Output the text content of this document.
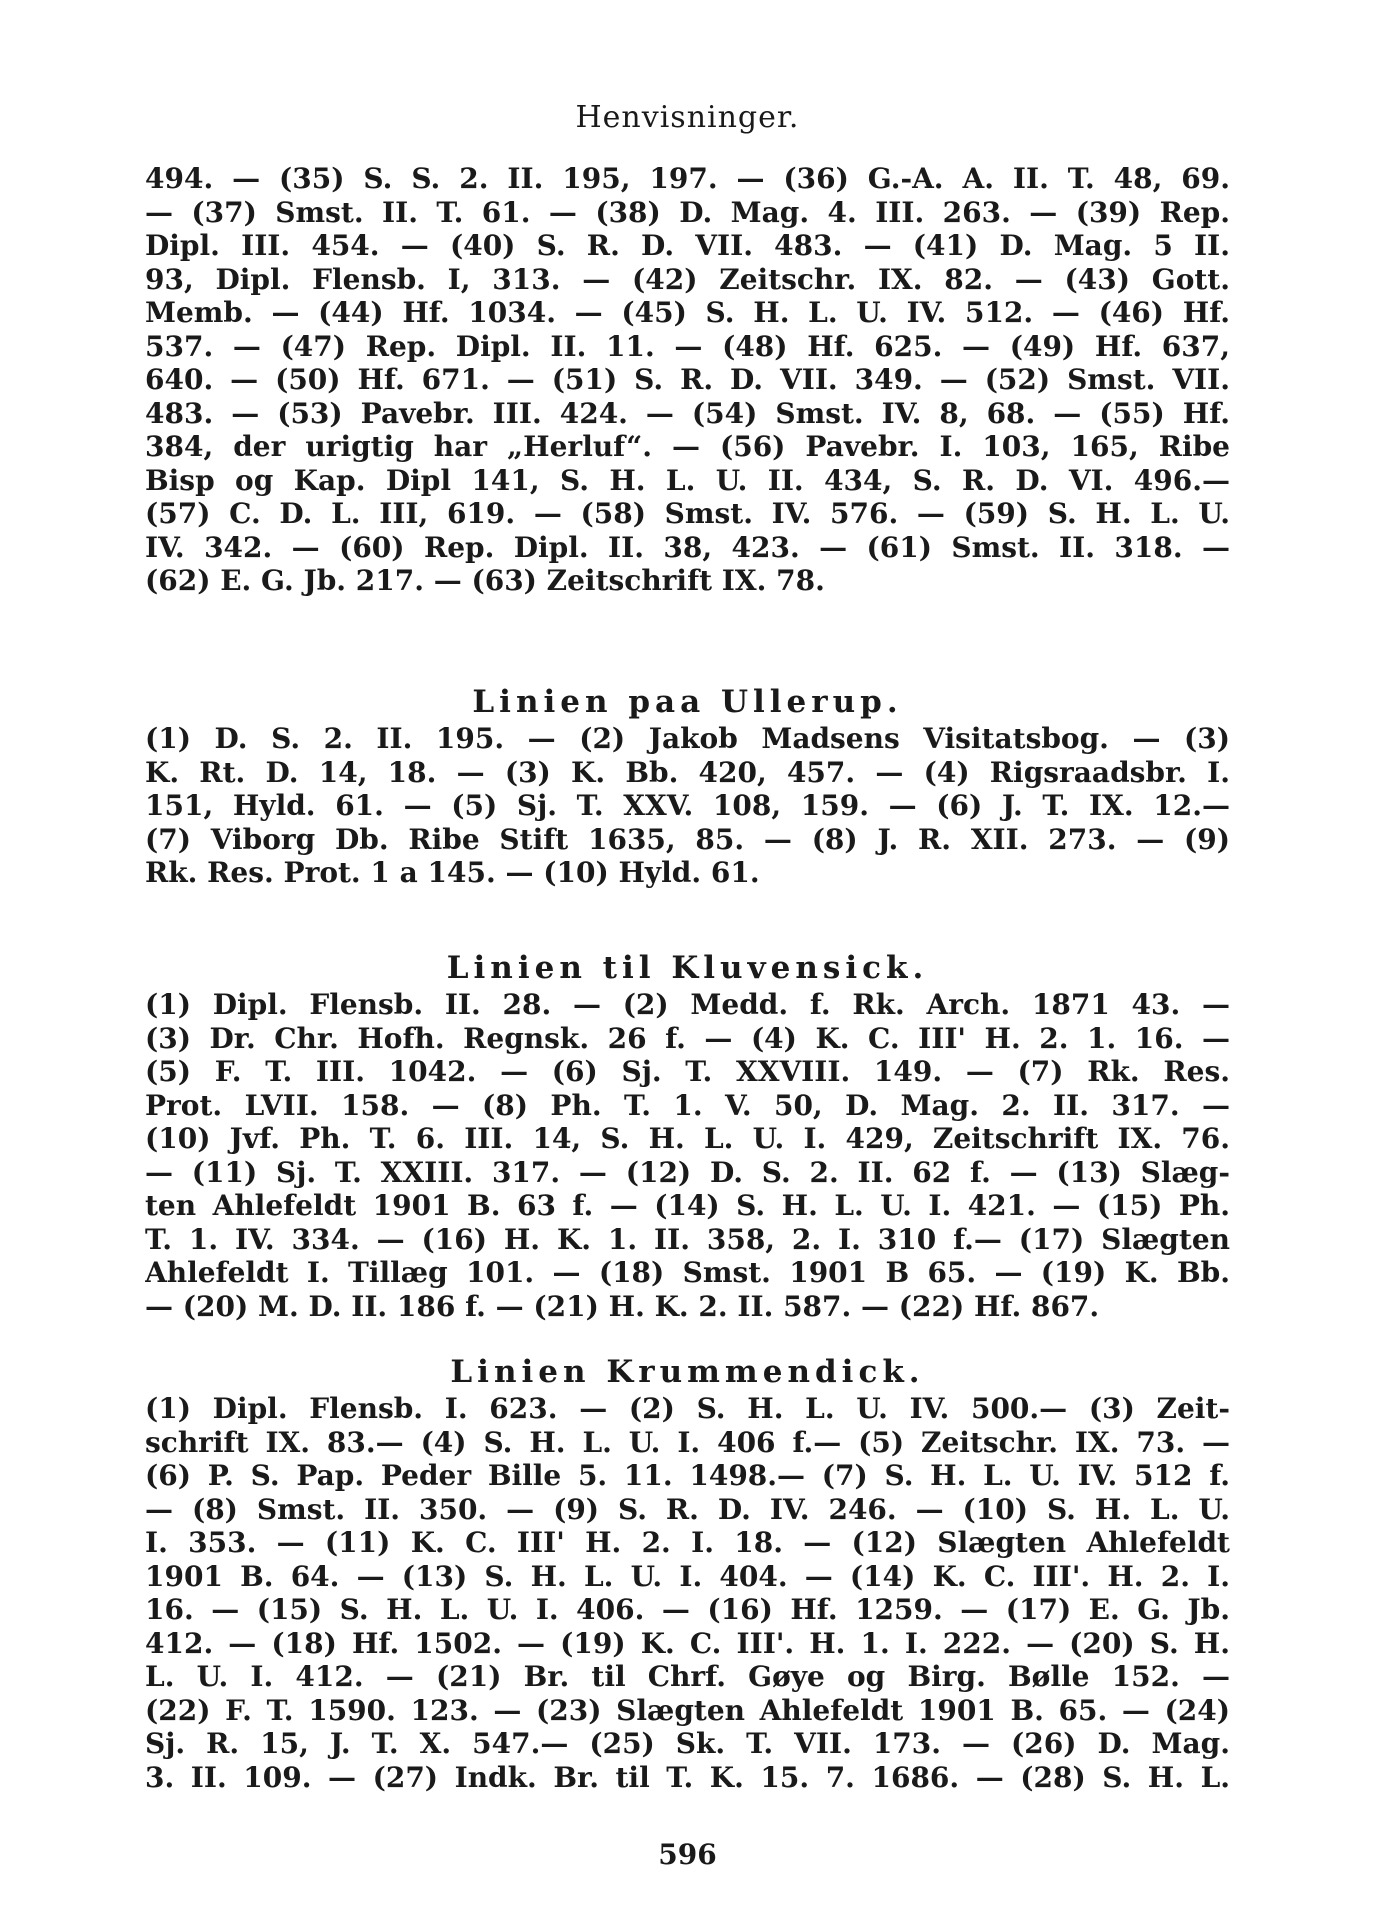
Henvisninger.
494. — (35) S. S. 2. II. 195, 197. — (36) G.-A. A. II. T. 48, 69.
— (37) Smst. II. T. 61. — (38) D. Mag. 4. III. 263. — (39) Rep.
Dipl. III. 454. — (40) S. R. D. VII. 483. — (41) D. Mag. 5 II.
93, Dipl. Flensb. I, 313. — (42) Zeitschr. IX. 82. — (43) Gott.
Memb. — (44) Hf. 1034. — (45) S. H. L. U. IV. 512. — (46) Hf.
537. — (47) Rep. Dipl. II. 11. — (48) Hf. 625. — (49) Hf. 637,
640. — (50) Hf. 671. — (51) S. R. D. VII. 349. — (52) Smst. VII.
483. — (53) Pavebr. III. 424. — (54) Smst. IV. 8, 68. — (55) Hf.
384, der urigtig har „Herluf“. — (56) Pavebr. I. 103, 165, Ribe
Bisp og Kap. Dipl 141, S. H. L. U. II. 434, S. R. D. VI. 496.—
(57) C. D. L. III, 619. — (58) Smst. IV. 576. — (59) S. H. L. U.
IV. 342. — (60) Rep. Dipl. II. 38, 423. — (61) Smst. II. 318. —
(62) E. G. Jb. 217. — (63) Zeitschrift IX. 78.
Linien paa Ullerup.
(1) D. S. 2. II. 195. — (2) Jakob Madsens Visitatsbog. — (3)
K. Rt. D. 14, 18. — (3) K. Bb. 420, 457. — (4) Rigsraadsbr. I.
151, Hyld. 61. — (5) Sj. T. XXV. 108, 159. — (6) J. T. IX. 12.—
(7) Viborg Db. Ribe Stift 1635, 85. — (8) J. R. XII. 273. — (9)
Rk. Res. Prot. 1 a 145. — (10) Hyld. 61.
Linien til Kluvensick.
(1) Dipl. Flensb. II. 28. — (2) Medd. f. Rk. Arch. 1871 43. —
(3) Dr. Chr. Hofh. Regnsk. 26 f. — (4) K. C. III' H. 2. 1. 16. —
(5) F. T. III. 1042. — (6) Sj. T. XXVIII. 149. — (7) Rk. Res.
Prot. LVII. 158. — (8) Ph. T. 1. V. 50, D. Mag. 2. II. 317. —
(10) Jvf. Ph. T. 6. III. 14, S. H. L. U. I. 429, Zeitschrift IX. 76.
— (11) Sj. T. XXIII. 317. — (12) D. S. 2. II. 62 f. — (13) Slæg-
ten Ahlefeldt 1901 B. 63 f. — (14) S. H. L. U. I. 421. — (15) Ph.
T. 1. IV. 334. — (16) H. K. 1. II. 358, 2. I. 310 f.— (17) Slægten
Ahlefeldt I. Tillæg 101. — (18) Smst. 1901 B 65. — (19) K. Bb.
— (20) M. D. II. 186 f. — (21) H. K. 2. II. 587. — (22) Hf. 867.
Linien Krummendick.
(1) Dipl. Flensb. I. 623. — (2) S. H. L. U. IV. 500.— (3) Zeit-
schrift IX. 83.— (4) S. H. L. U. I. 406 f.— (5) Zeitschr. IX. 73. —
(6) P. S. Pap. Peder Bille 5. 11. 1498.— (7) S. H. L. U. IV. 512 f.
— (8) Smst. II. 350. — (9) S. R. D. IV. 246. — (10) S. H. L. U.
I. 353. — (11) K. C. III' H. 2. I. 18. — (12) Slægten Ahlefeldt
1901 B. 64. — (13) S. H. L. U. I. 404. — (14) K. C. III'. H. 2. I.
16. — (15) S. H. L. U. I. 406. — (16) Hf. 1259. — (17) E. G. Jb.
412. — (18) Hf. 1502. — (19) K. C. III'. H. 1. I. 222. — (20) S. H.
L. U. I. 412. — (21) Br. til Chrf. Gøye og Birg. Bølle 152. —
(22) F. T. 1590. 123. — (23) Slægten Ahlefeldt 1901 B. 65. — (24)
Sj. R. 15, J. T. X. 547.— (25) Sk. T. VII. 173. — (26) D. Mag.
3. II. 109. — (27) Indk. Br. til T. K. 15. 7. 1686. — (28) S. H. L.
596
